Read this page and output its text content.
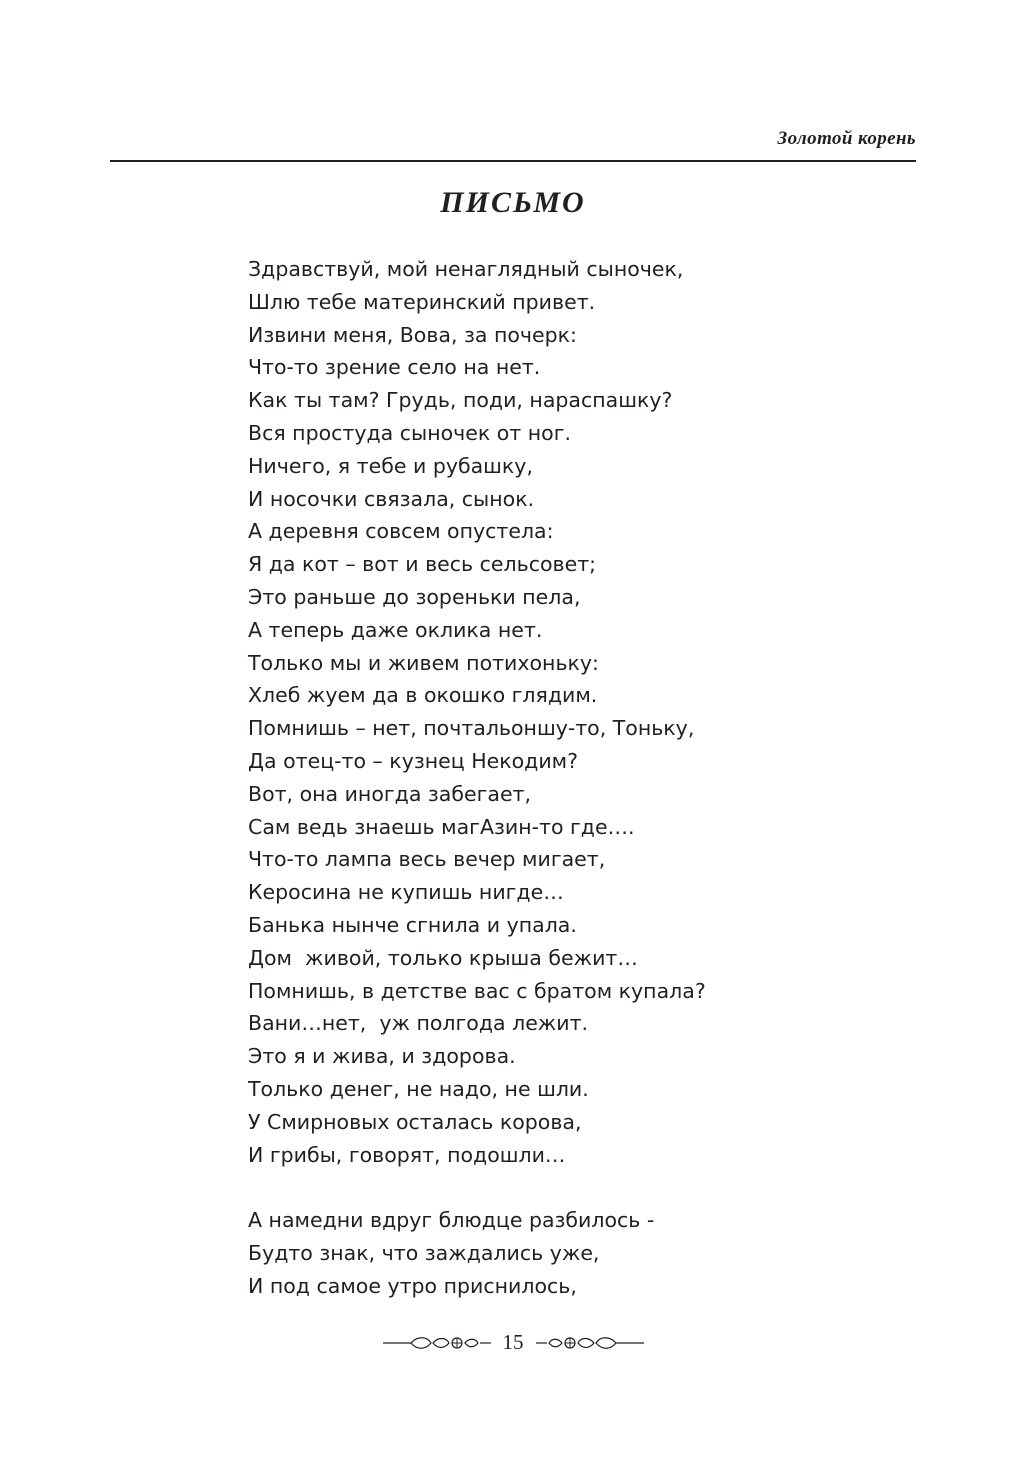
Золотой корень
ПИСЬМО
Здравствуй, мой ненаглядный сыночек,
Шлю тебе материнский привет.
Извини меня, Вова, за почерк:
Что-то зрение село на нет.
Как ты там? Грудь, поди, нараспашку?
Вся простуда сыночек от ног.
Ничего, я тебе и рубашку,
И носочки связала, сынок.
А деревня совсем опустела:
Я да кот – вот и весь сельсовет;
Это раньше до зореньки пела,
А теперь даже оклика нет.
Только мы и живем потихоньку:
Хлеб жуем да в окошко глядим.
Помнишь – нет, почтальоншу-то, Тоньку,
Да отец-то – кузнец Некодим?
Вот, она иногда забегает,
Сам ведь знаешь магАзин-то где….
Что-то лампа весь вечер мигает,
Керосина не купишь нигде…
Банька нынче сгнила и упала.
Дом  живой, только крыша бежит…
Помнишь, в детстве вас с братом купала?
Вани…нет,  уж полгода лежит.
Это я и жива, и здорова.
Только денег, не надо, не шли.
У Смирновых осталась корова,
И грибы, говорят, подошли…
А намедни вдруг блюдце разбилось -
Будто знак, что заждались уже,
И под самое утро приснилось,
15
